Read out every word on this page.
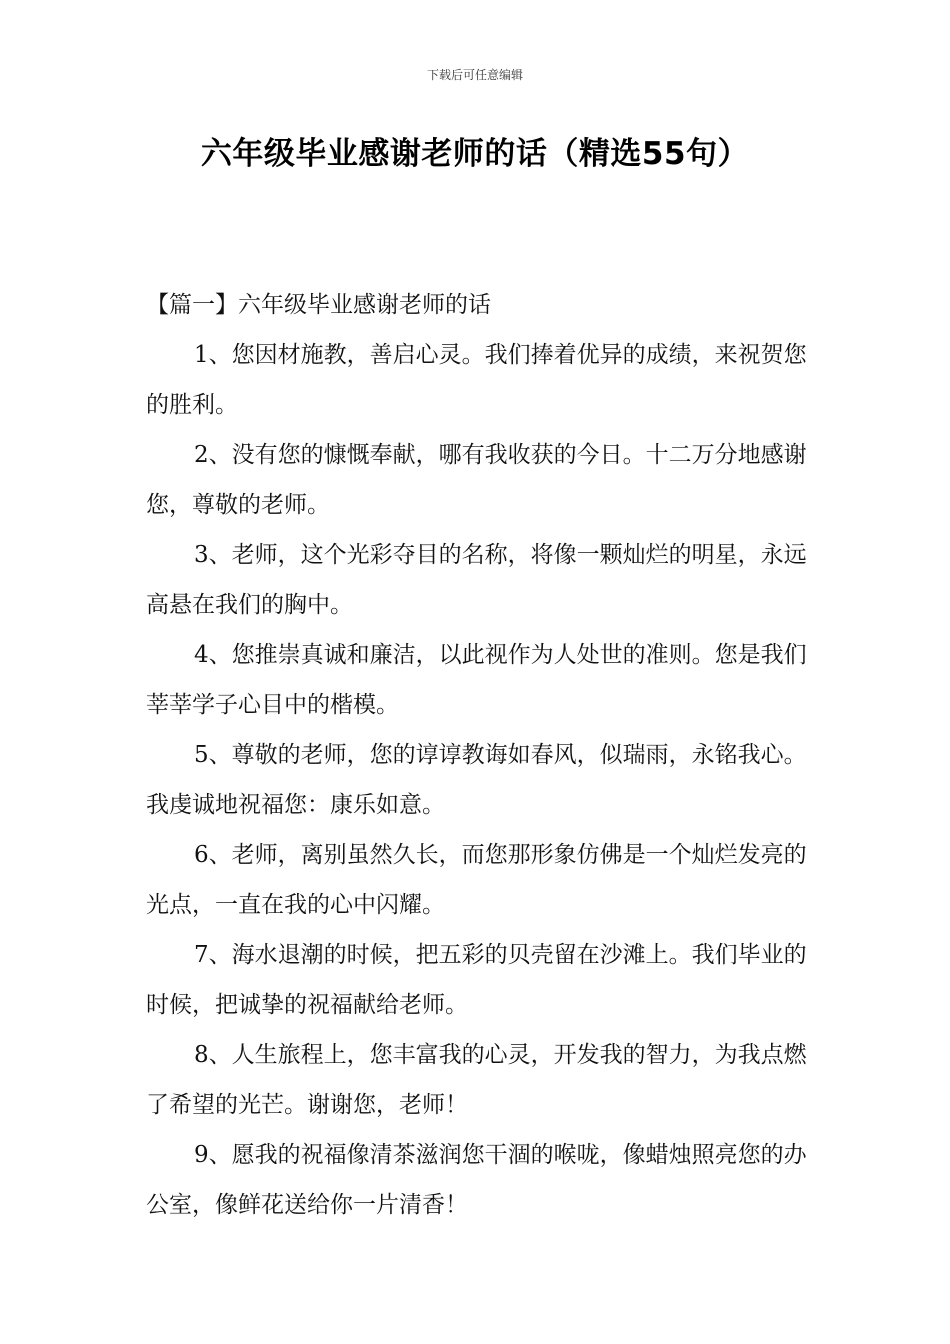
下载后可任意编辑
六年级毕业感谢老师的话（精选55句）

【篇一】六年级毕业感谢老师的话

1、您因材施教，善启心灵。我们捧着优异的成绩，来祝贺您的胜利。

2、没有您的慷慨奉献，哪有我收获的今日。十二万分地感谢您，尊敬的老师。

3、老师，这个光彩夺目的名称，将像一颗灿烂的明星，永远高悬在我们的胸中。

4、您推崇真诚和廉洁，以此视作为人处世的准则。您是我们莘莘学子心目中的楷模。

5、尊敬的老师，您的谆谆教诲如春风，似瑞雨，永铭我心。我虔诚地祝福您：康乐如意。

6、老师，离别虽然久长，而您那形象仿佛是一个灿烂发亮的光点，一直在我的心中闪耀。

7、海水退潮的时候，把五彩的贝壳留在沙滩上。我们毕业的时候，把诚挚的祝福献给老师。

8、人生旅程上，您丰富我的心灵，开发我的智力，为我点燃了希望的光芒。谢谢您，老师！

9、愿我的祝福像清茶滋润您干涸的喉咙，像蜡烛照亮您的办公室，像鲜花送给你一片清香！
